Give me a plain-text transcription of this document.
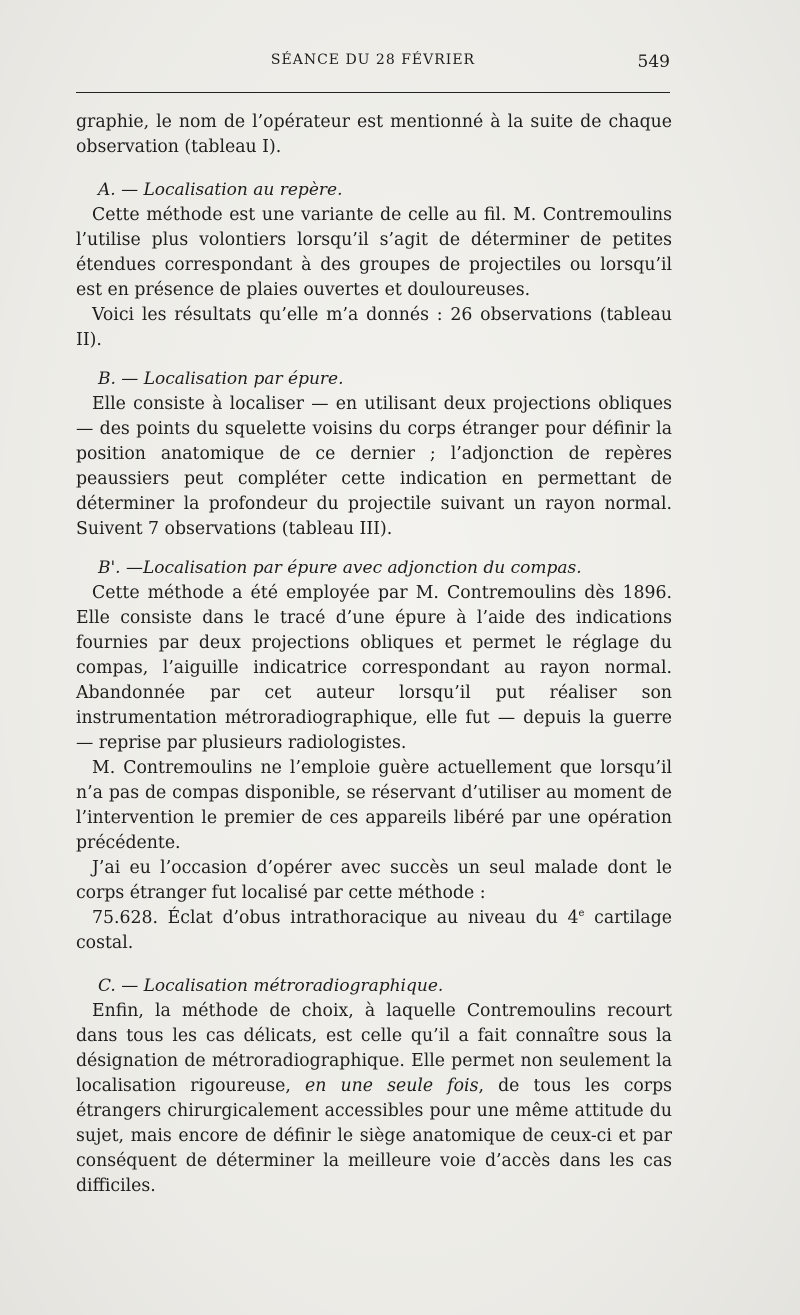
SÉANCE DU 28 FÉVRIER	549

graphie, le nom de l’opérateur est mentionné à la suite de chaque observation (tableau I).

A. — Localisation au repère.

Cette méthode est une variante de celle au fil. M. Contremoulins l’utilise plus volontiers lorsqu’il s’agit de déterminer de petites étendues correspondant à des groupes de projectiles ou lorsqu’il est en présence de plaies ouvertes et douloureuses.

Voici les résultats qu’elle m’a donnés : 26 observations (tableau II).

B. — Localisation par épure.

Elle consiste à localiser — en utilisant deux projections obliques — des points du squelette voisins du corps étranger pour définir la position anatomique de ce dernier ; l’adjonction de repères peaussiers peut compléter cette indication en permettant de déterminer la profondeur du projectile suivant un rayon normal. Suivent 7 observations (tableau III).

B'. —Localisation par épure avec adjonction du compas.

Cette méthode a été employée par M. Contremoulins dès 1896. Elle consiste dans le tracé d’une épure à l’aide des indications fournies par deux projections obliques et permet le réglage du compas, l’aiguille indicatrice correspondant au rayon normal. Abandonnée par cet auteur lorsqu’il put réaliser son instrumentation métroradiographique, elle fut — depuis la guerre — reprise par plusieurs radiologistes.

M. Contremoulins ne l’emploie guère actuellement que lorsqu’il n’a pas de compas disponible, se réservant d’utiliser au moment de l’intervention le premier de ces appareils libéré par une opération précédente.

J’ai eu l’occasion d’opérer avec succès un seul malade dont le corps étranger fut localisé par cette méthode :

75.628. Éclat d’obus intrathoracique au niveau du 4e cartilage costal.

C. — Localisation métroradiographique.

Enfin, la méthode de choix, à laquelle Contremoulins recourt dans tous les cas délicats, est celle qu’il a fait connaître sous la désignation de métroradiographique. Elle permet non seulement la localisation rigoureuse, en une seule fois, de tous les corps étrangers chirurgicalement accessibles pour une même attitude du sujet, mais encore de définir le siège anatomique de ceux-ci et par conséquent de déterminer la meilleure voie d’accès dans les cas difficiles.
